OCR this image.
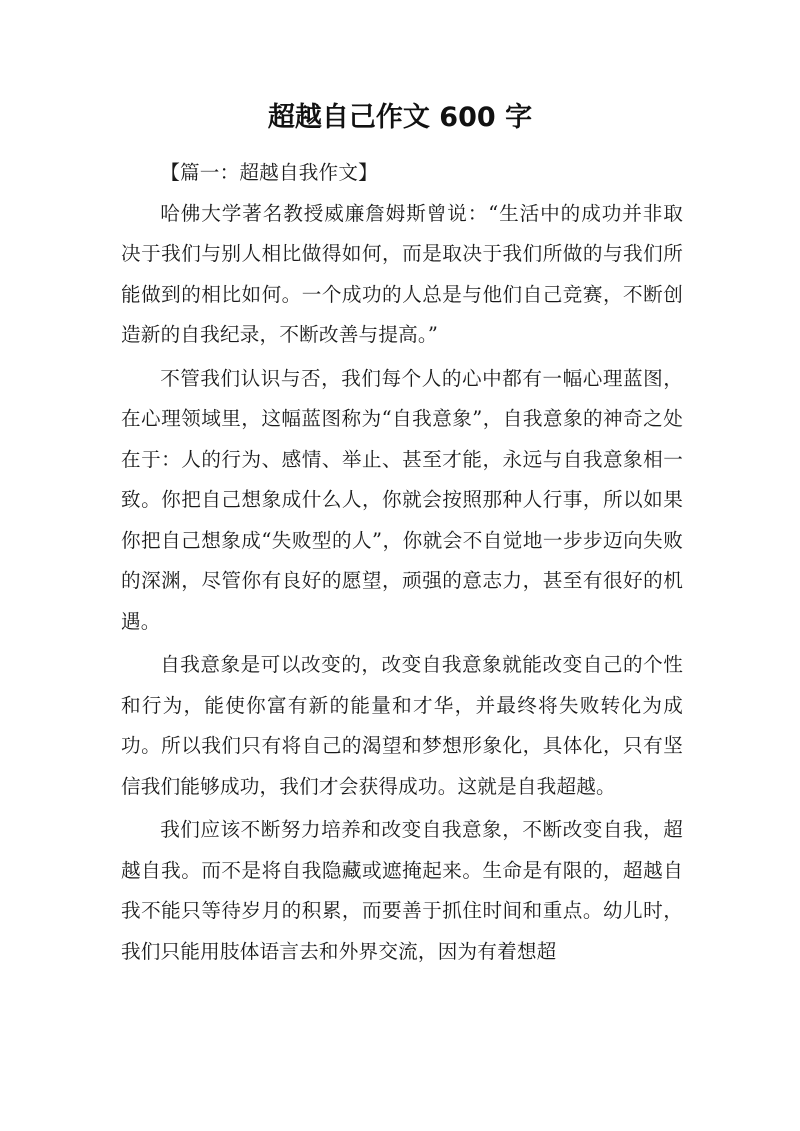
超越自己作文 600 字

【篇一：超越自我作文】

哈佛大学著名教授威廉詹姆斯曾说：“生活中的成功并非取决于我们与别人相比做得如何，而是取决于我们所做的与我们所能做到的相比如何。一个成功的人总是与他们自己竞赛，不断创造新的自我纪录，不断改善与提高。”

不管我们认识与否，我们每个人的心中都有一幅心理蓝图，在心理领域里，这幅蓝图称为“自我意象”，自我意象的神奇之处在于：人的行为、感情、举止、甚至才能，永远与自我意象相一致。你把自己想象成什么人，你就会按照那种人行事，所以如果你把自己想象成“失败型的人”，你就会不自觉地一步步迈向失败的深渊，尽管你有良好的愿望，顽强的意志力，甚至有很好的机遇。

自我意象是可以改变的，改变自我意象就能改变自己的个性和行为，能使你富有新的能量和才华，并最终将失败转化为成功。所以我们只有将自己的渴望和梦想形象化，具体化，只有坚信我们能够成功，我们才会获得成功。这就是自我超越。

我们应该不断努力培养和改变自我意象，不断改变自我，超越自我。而不是将自我隐藏或遮掩起来。生命是有限的，超越自我不能只等待岁月的积累，而要善于抓住时间和重点。幼儿时，我们只能用肢体语言去和外界交流，因为有着想超
